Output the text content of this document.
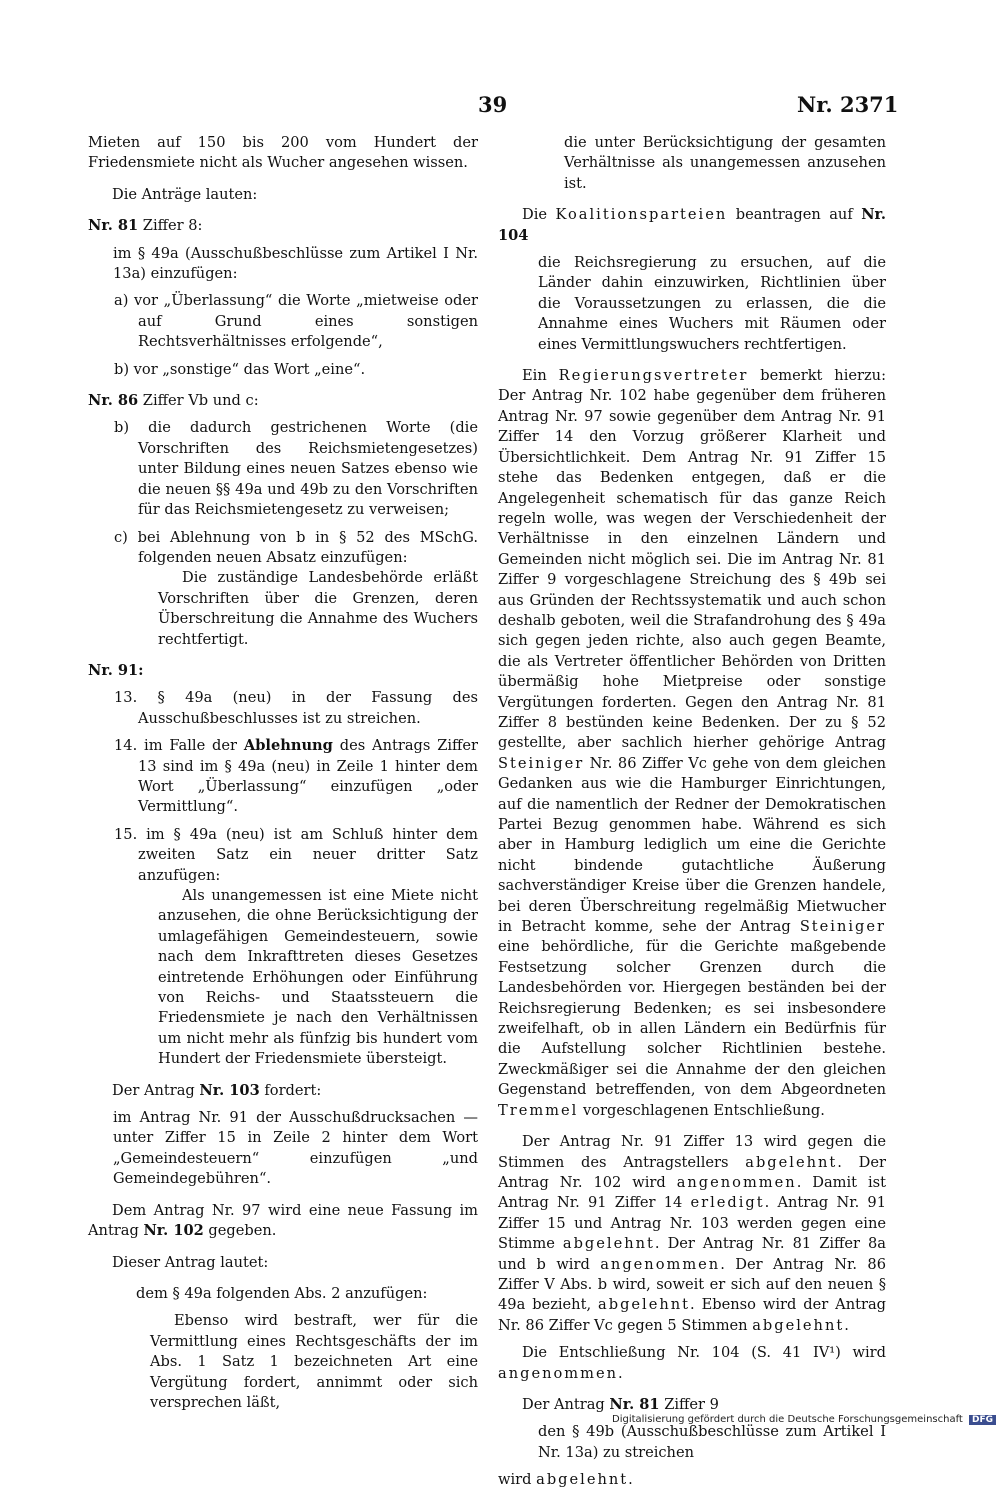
39	Nr. 2371

Mieten auf 150 bis 200 vom Hundert der Friedensmiete nicht als Wucher angesehen wissen.

Die Anträge lauten:

Nr. 81 Ziffer 8:

im § 49a (Ausschußbeschlüsse zum Artikel I Nr. 13a) einzufügen:

a) vor „Überlassung“ die Worte „mietweise oder auf Grund eines sonstigen Rechtsverhältnisses erfolgende“,

b) vor „sonstige“ das Wort „eine“.

Nr. 86 Ziffer Vb und c:

b) die dadurch gestrichenen Worte (die Vorschriften des Reichsmietengesetzes) unter Bildung eines neuen Satzes ebenso wie die neuen §§ 49a und 49b zu den Vorschriften für das Reichsmietengesetz zu verweisen;

c) bei Ablehnung von b in § 52 des MSchG. folgenden neuen Absatz einzufügen:

Die zuständige Landesbehörde erläßt Vorschriften über die Grenzen, deren Überschreitung die Annahme des Wuchers rechtfertigt.

Nr. 91:

13. § 49a (neu) in der Fassung des Ausschußbeschlusses ist zu streichen.

14. im Falle der Ablehnung des Antrags Ziffer 13 sind im § 49a (neu) in Zeile 1 hinter dem Wort „Überlassung“ einzufügen „oder Vermittlung“.

15. im § 49a (neu) ist am Schluß hinter dem zweiten Satz ein neuer dritter Satz anzufügen:

Als unangemessen ist eine Miete nicht anzusehen, die ohne Berücksichtigung der umlagefähigen Gemeindesteuern, sowie nach dem Inkrafttreten dieses Gesetzes eintretende Erhöhungen oder Einführung von Reichs- und Staatssteuern die Friedensmiete je nach den Verhältnissen um nicht mehr als fünfzig bis hundert vom Hundert der Friedensmiete übersteigt.

Der Antrag Nr. 103 fordert:

im Antrag Nr. 91 der Ausschußdrucksachen — unter Ziffer 15 in Zeile 2 hinter dem Wort „Gemeindesteuern“ einzufügen „und Gemeindegebühren“.

Dem Antrag Nr. 97 wird eine neue Fassung im Antrag Nr. 102 gegeben.

Dieser Antrag lautet:

dem § 49a folgenden Abs. 2 anzufügen:

Ebenso wird bestraft, wer für die Vermittlung eines Rechtsgeschäfts der im Abs. 1 Satz 1 bezeichneten Art eine Vergütung fordert, annimmt oder sich versprechen läßt,

die unter Berücksichtigung der gesamten Verhältnisse als unangemessen anzusehen ist.

Die Koalitionsparteien beantragen auf Nr. 104

die Reichsregierung zu ersuchen, auf die Länder dahin einzuwirken, Richtlinien über die Voraussetzungen zu erlassen, die die Annahme eines Wuchers mit Räumen oder eines Vermittlungswuchers rechtfertigen.

Ein Regierungsvertreter bemerkt hierzu: Der Antrag Nr. 102 habe gegenüber dem früheren Antrag Nr. 97 sowie gegenüber dem Antrag Nr. 91 Ziffer 14 den Vorzug größerer Klarheit und Übersichtlichkeit. Dem Antrag Nr. 91 Ziffer 15 stehe das Bedenken entgegen, daß er die Angelegenheit schematisch für das ganze Reich regeln wolle, was wegen der Verschiedenheit der Verhältnisse in den einzelnen Ländern und Gemeinden nicht möglich sei. Die im Antrag Nr. 81 Ziffer 9 vorgeschlagene Streichung des § 49b sei aus Gründen der Rechtssystematik und auch schon deshalb geboten, weil die Strafandrohung des § 49a sich gegen jeden richte, also auch gegen Beamte, die als Vertreter öffentlicher Behörden von Dritten übermäßig hohe Mietpreise oder sonstige Vergütungen forderten. Gegen den Antrag Nr. 81 Ziffer 8 bestünden keine Bedenken. Der zu § 52 gestellte, aber sachlich hierher gehörige Antrag Steiniger Nr. 86 Ziffer Vc gehe von dem gleichen Gedanken aus wie die Hamburger Einrichtungen, auf die namentlich der Redner der Demokratischen Partei Bezug genommen habe. Während es sich aber in Hamburg lediglich um eine die Gerichte nicht bindende gutachtliche Äußerung sachverständiger Kreise über die Grenzen handele, bei deren Überschreitung regelmäßig Mietwucher in Betracht komme, sehe der Antrag Steiniger eine behördliche, für die Gerichte maßgebende Festsetzung solcher Grenzen durch die Landesbehörden vor. Hiergegen beständen bei der Reichsregierung Bedenken; es sei insbesondere zweifelhaft, ob in allen Ländern ein Bedürfnis für die Aufstellung solcher Richtlinien bestehe. Zweckmäßiger sei die Annahme der den gleichen Gegenstand betreffenden, von dem Abgeordneten Tremmel vorgeschlagenen Entschließung.

Der Antrag Nr. 91 Ziffer 13 wird gegen die Stimmen des Antragstellers abgelehnt. Der Antrag Nr. 102 wird angenommen. Damit ist Antrag Nr. 91 Ziffer 14 erledigt. Antrag Nr. 91 Ziffer 15 und Antrag Nr. 103 werden gegen eine Stimme abgelehnt. Der Antrag Nr. 81 Ziffer 8a und b wird angenommen. Der Antrag Nr. 86 Ziffer V Abs. b wird, soweit er sich auf den neuen § 49a bezieht, abgelehnt. Ebenso wird der Antrag Nr. 86 Ziffer Vc gegen 5 Stimmen abgelehnt.

Die Entschließung Nr. 104 (S. 41 IV¹) wird angenommen.

Der Antrag Nr. 81 Ziffer 9

den § 49b (Ausschußbeschlüsse zum Artikel I Nr. 13a) zu streichen

wird abgelehnt.

Digitalisierung gefördert durch die Deutsche Forschungsgemeinschaft DFG
